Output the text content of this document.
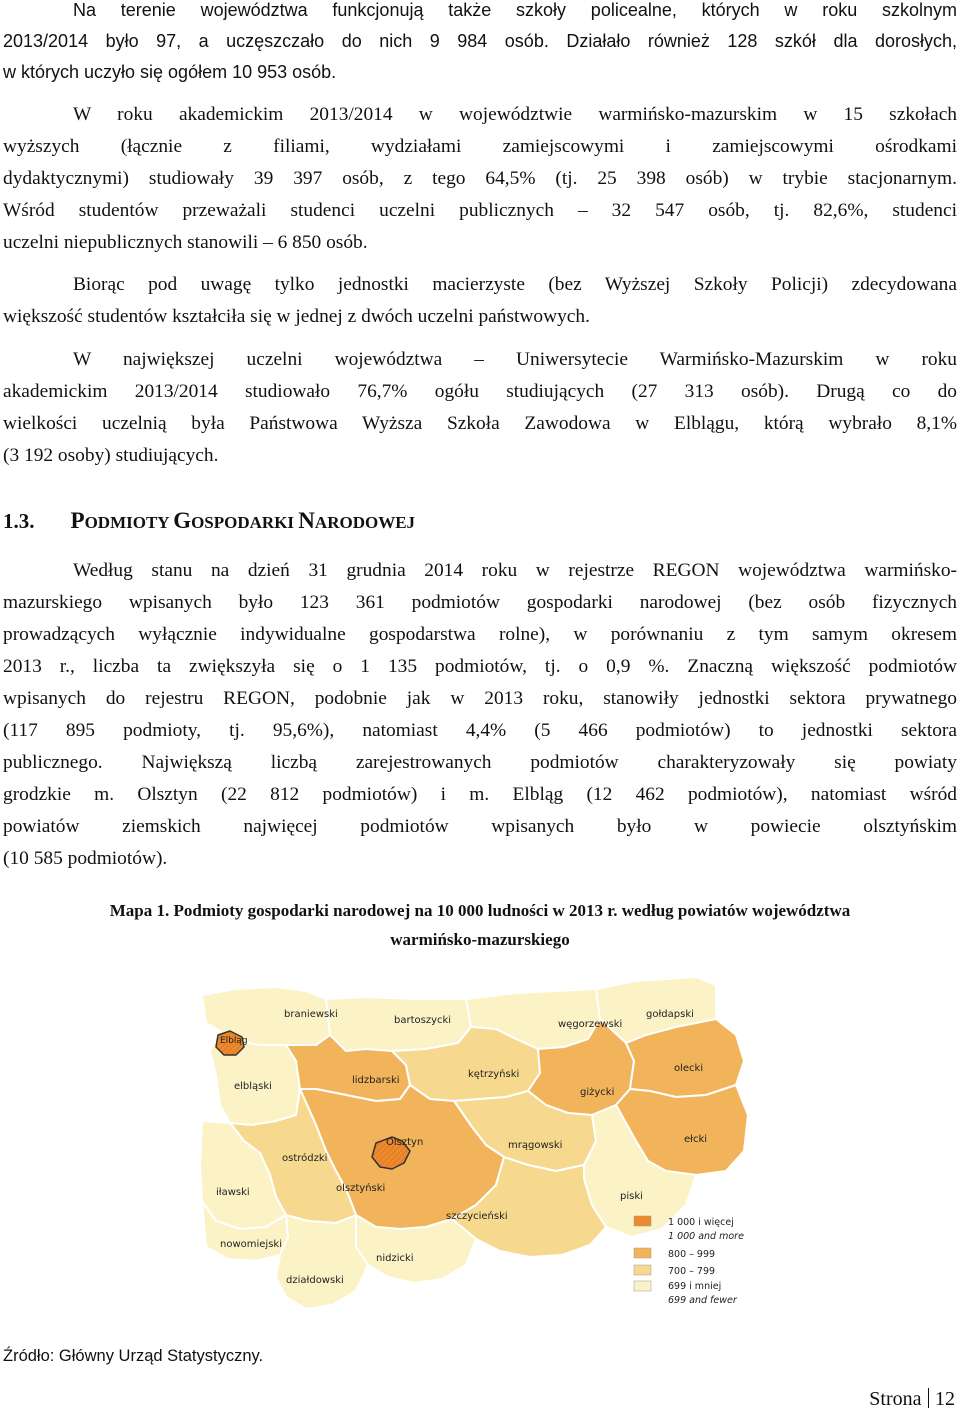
Na terenie województwa funkcjonują także szkoły policealne, których w roku szkolnym
2013/2014 było 97, a uczęszczało do nich 9 984 osób. Działało również 128 szkół dla dorosłych,
w których uczyło się ogółem 10 953 osób.
W roku akademickim 2013/2014 w województwie warmińsko-mazurskim w 15 szkołach
wyższych (łącznie z filiami, wydziałami zamiejscowymi i zamiejscowymi ośrodkami
dydaktycznymi) studiowały 39 397 osób, z tego 64,5% (tj. 25 398 osób) w trybie stacjonarnym.
Wśród studentów przeważali studenci uczelni publicznych – 32 547 osób, tj. 82,6%, studenci
uczelni niepublicznych stanowili – 6 850 osób.
Biorąc pod uwagę tylko jednostki macierzyste (bez Wyższej Szkoły Policji) zdecydowana
większość studentów kształciła się w jednej z dwóch uczelni państwowych.
W największej uczelni województwa – Uniwersytecie Warmińsko-Mazurskim w roku
akademickim 2013/2014 studiowało 76,7% ogółu studiujących (27 313 osób). Drugą co do
wielkości uczelnią była Państwowa Wyższa Szkoła Zawodowa w Elblągu, którą wybrało 8,1%
(3 192 osoby) studiujących.
1.3. PODMIOTY GOSPODARKI NARODOWEJ
Według stanu na dzień 31 grudnia 2014 roku w rejestrze REGON województwa warmińsko-
mazurskiego wpisanych było 123 361 podmiotów gospodarki narodowej (bez osób fizycznych
prowadzących wyłącznie indywidualne gospodarstwa rolne), w porównaniu z tym samym okresem
2013 r., liczba ta zwiększyła się o 1 135 podmiotów, tj. o 0,9 %. Znaczną większość podmiotów
wpisanych do rejestru REGON, podobnie jak w 2013 roku, stanowiły jednostki sektora prywatnego
(117 895 podmioty, tj. 95,6%), natomiast 4,4% (5 466 podmiotów) to jednostki sektora
publicznego. Największą liczbą zarejestrowanych podmiotów charakteryzowały się powiaty
grodzkie m. Olsztyn (22 812 podmiotów) i m. Elbląg (12 462 podmiotów), natomiast wśród
powiatów ziemskich najwięcej podmiotów wpisanych było w powiecie olsztyńskim
(10 585 podmiotów).
Mapa 1. Podmioty gospodarki narodowej na 10 000 ludności w 2013 r. według powiatów województwa
warmińsko-mazurskiego
braniewski
bartoszycki	węgorzewski
gołdapski
Elbląg
elbląski
lidzbarski
kętrzyński
olecki
giżycki
ełcki
mrągowski
Olsztyn
ostródzki
iławski	olsztyński
piski
szczycieński
nowomiejski
nidzicki
działdowski
1 000 i więcej
1 000 and more
800 – 999
700 – 799
699 i mniej
699 and fewer
Źródło: Główny Urząd Statystyczny.
Strona 12
